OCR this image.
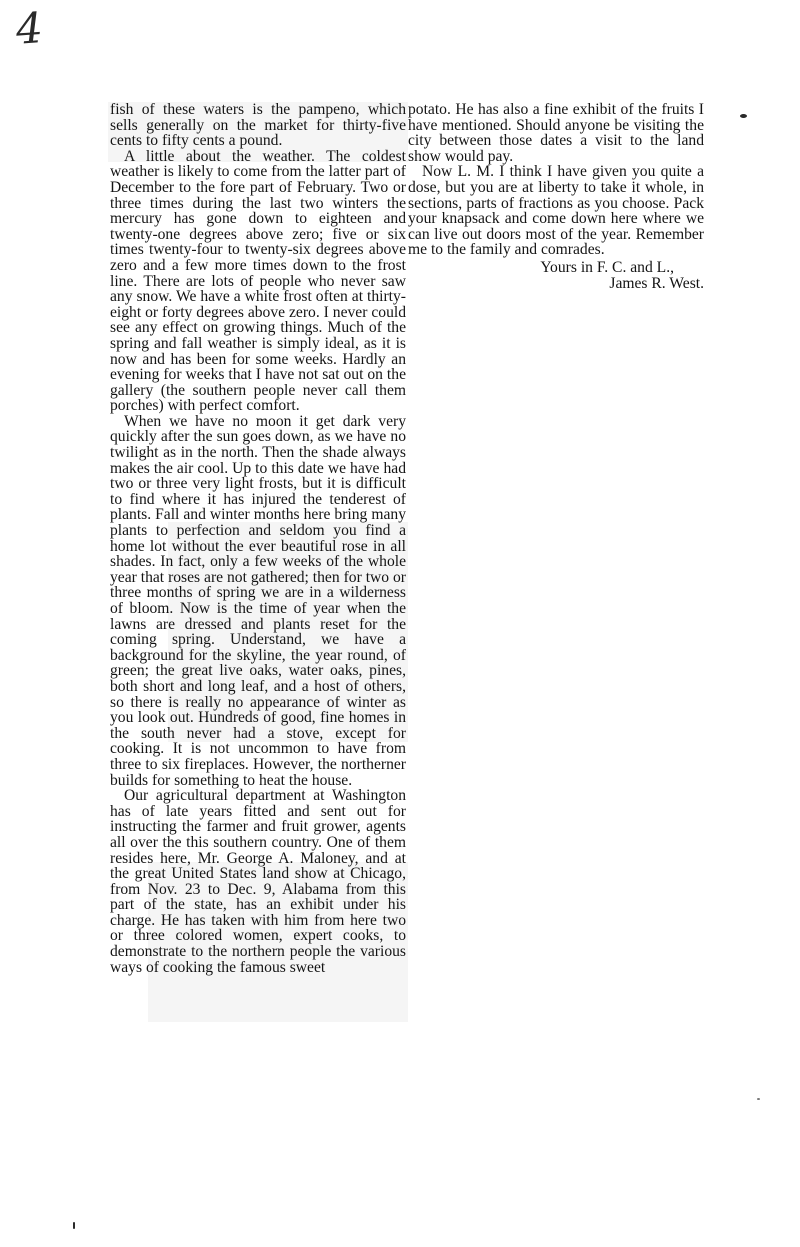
4

fish of these waters is the pampeno, which sells generally on the market for thirty-five cents to fifty cents a pound.

A little about the weather. The coldest weather is likely to come from the latter part of December to the fore part of February. Two or three times during the last two winters the mercury has gone down to eighteen and twenty-one degrees above zero; five or six times twenty-four to twenty-six degrees above zero and a few more times down to the frost line. There are lots of people who never saw any snow. We have a white frost often at thirty-eight or forty degrees above zero. I never could see any effect on growing things. Much of the spring and fall weather is simply ideal, as it is now and has been for some weeks. Hardly an evening for weeks that I have not sat out on the gallery (the southern people never call them porches) with perfect comfort.

When we have no moon it get dark very quickly after the sun goes down, as we have no twilight as in the north. Then the shade always makes the air cool. Up to this date we have had two or three very light frosts, but it is difficult to find where it has injured the tenderest of plants. Fall and winter months here bring many plants to perfection and seldom you find a home lot without the ever beautiful rose in all shades. In fact, only a few weeks of the whole year that roses are not gathered; then for two or three months of spring we are in a wilderness of bloom. Now is the time of year when the lawns are dressed and plants reset for the coming spring. Understand, we have a background for the skyline, the year round, of green; the great live oaks, water oaks, pines, both short and long leaf, and a host of others, so there is really no appearance of winter as you look out. Hundreds of good, fine homes in the south never had a stove, except for cooking. It is not uncommon to have from three to six fireplaces. However, the northerner builds for something to heat the house.

Our agricultural department at Washington has of late years fitted and sent out for instructing the farmer and fruit grower, agents all over the this southern country. One of them resides here, Mr. George A. Maloney, and at the great United States land show at Chicago, from Nov. 23 to Dec. 9, Alabama from this part of the state, has an exhibit under his charge. He has taken with him from here two or three colored women, expert cooks, to demonstrate to the northern people the various ways of cooking the famous sweet

potato. He has also a fine exhibit of the fruits I have mentioned. Should anyone be visiting the city between those dates a visit to the land show would pay.

Now L. M. I think I have given you quite a dose, but you are at liberty to take it whole, in sections, parts of fractions as you choose. Pack your knapsack and come down here where we can live out doors most of the year. Remember me to the family and comrades.

Yours in F. C. and L.,

James R. West.
